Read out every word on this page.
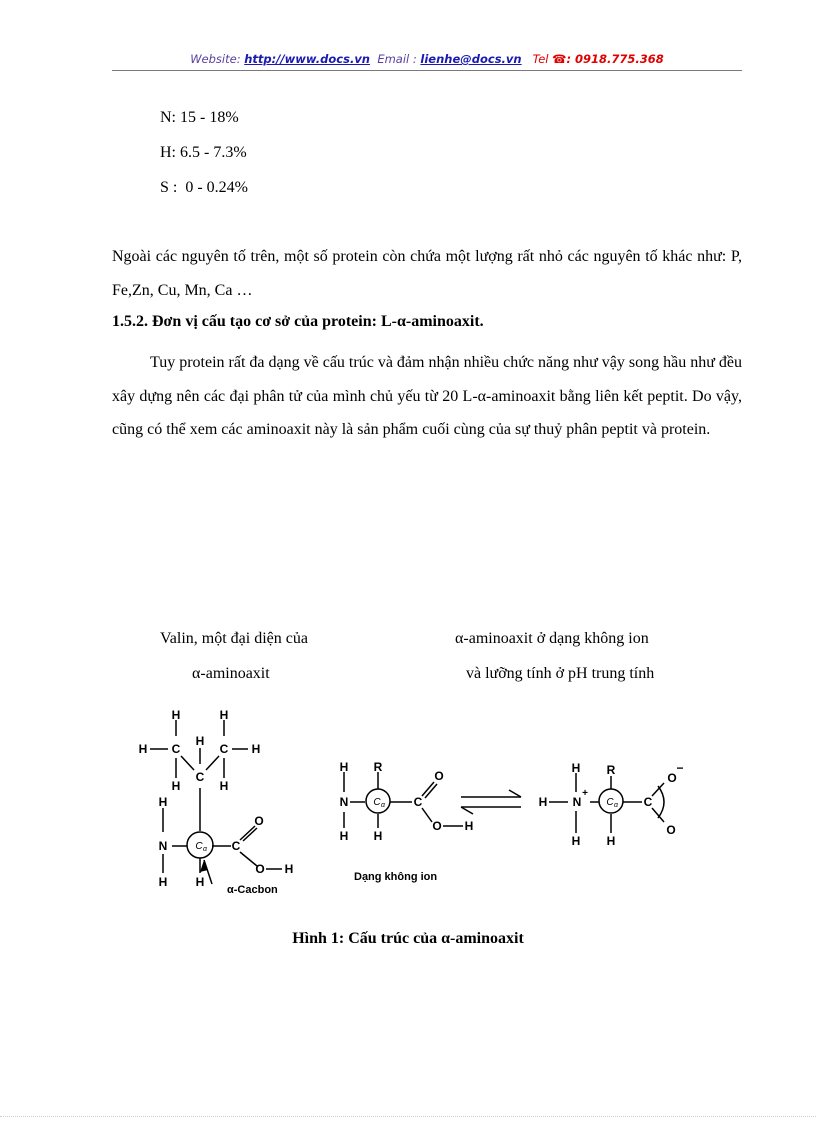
Website: http://www.docs.vn Email : lienhe@docs.vn Tel ☎: 0918.775.368
N: 15 - 18%
H: 6.5 - 7.3%
S :  0 - 0.24%
Ngoài các nguyên tố trên, một số protein còn chứa một lượng rất nhỏ các nguyên tố khác như: P, Fe,Zn, Cu, Mn, Ca …
1.5.2. Đơn vị cấu tạo cơ sở của protein: L-α-aminoaxit.
Tuy protein rất đa dạng về cấu trúc và đảm nhận nhiều chức năng như vậy song hầu như đều xây dựng nên các đại phân tử của mình chủ yếu từ 20 L-α-aminoaxit bằng liên kết peptit. Do vậy, cũng có thể xem các aminoaxit này là sản phẩm cuối cùng của sự thuỷ phân peptit và protein.
Valin, một đại diện của
α-aminoaxit
α-aminoaxit ở dạng không ion
và lưỡng tính ở pH trung tính
H	H
H C
H
C H
H	H
C
H
N
H H
C
O
O H
H
N
H
R
H
C
O
O H
H
H
N
+
H
R
H
C
O
−
O
C α
C α	C α
α-Cacbon
Dạng không ion
Hình 1: Cấu trúc của α-aminoaxit
